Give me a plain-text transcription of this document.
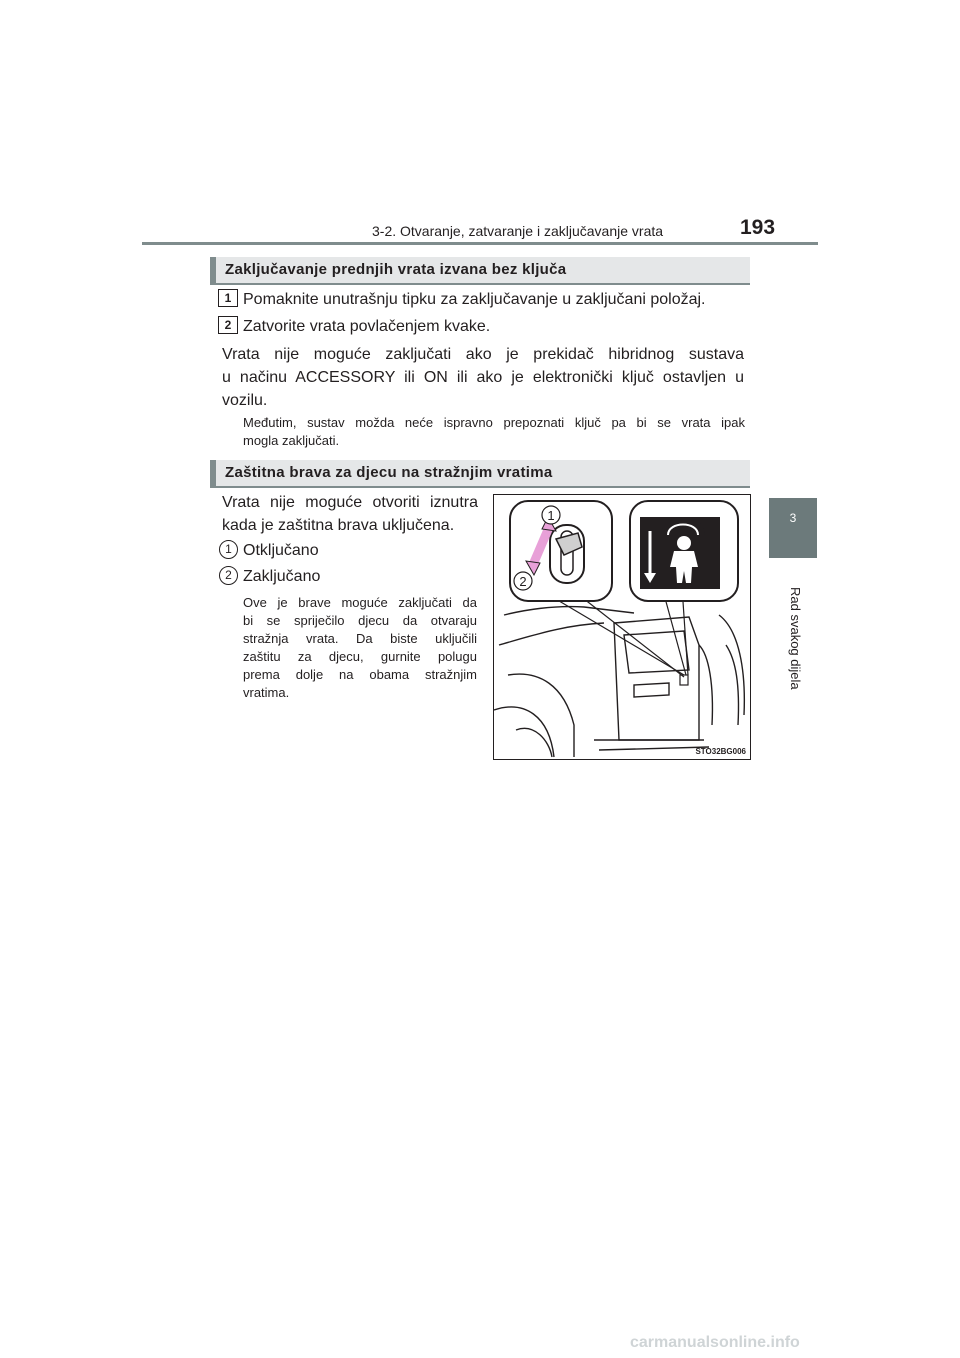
3-2. Otvaranje, zatvaranje i zaključavanje vrata	193
3
Rad svakog dijela
Zaključavanje prednjih vrata izvana bez ključa
1 Pomaknite unutrašnju tipku za zaključavanje u zaključani položaj.
2 Zatvorite vrata povlačenjem kvake.
Vrata nije moguće zaključati ako je prekidač hibridnog sustava
u načinu ACCESSORY ili ON ili ako je elektronički ključ ostavljen u
vozilu.
Međutim, sustav možda neće ispravno prepoznati ključ pa bi se vrata ipak
mogla zaključati.
Zaštitna brava za djecu na stražnjim vratima
Vrata nije moguće otvoriti iznutra
kada je zaštitna brava uključena.
1 Otključano
2 Zaključano
Ove je brave moguće zaključati da
bi se spriječilo djecu da otvaraju
stražnja vrata. Da biste uključili
zaštitu za djecu, gurnite polugu
prema dolje na obama stražnjim
vratima.
1
2
STO32BG006
carmanualsonline.info
